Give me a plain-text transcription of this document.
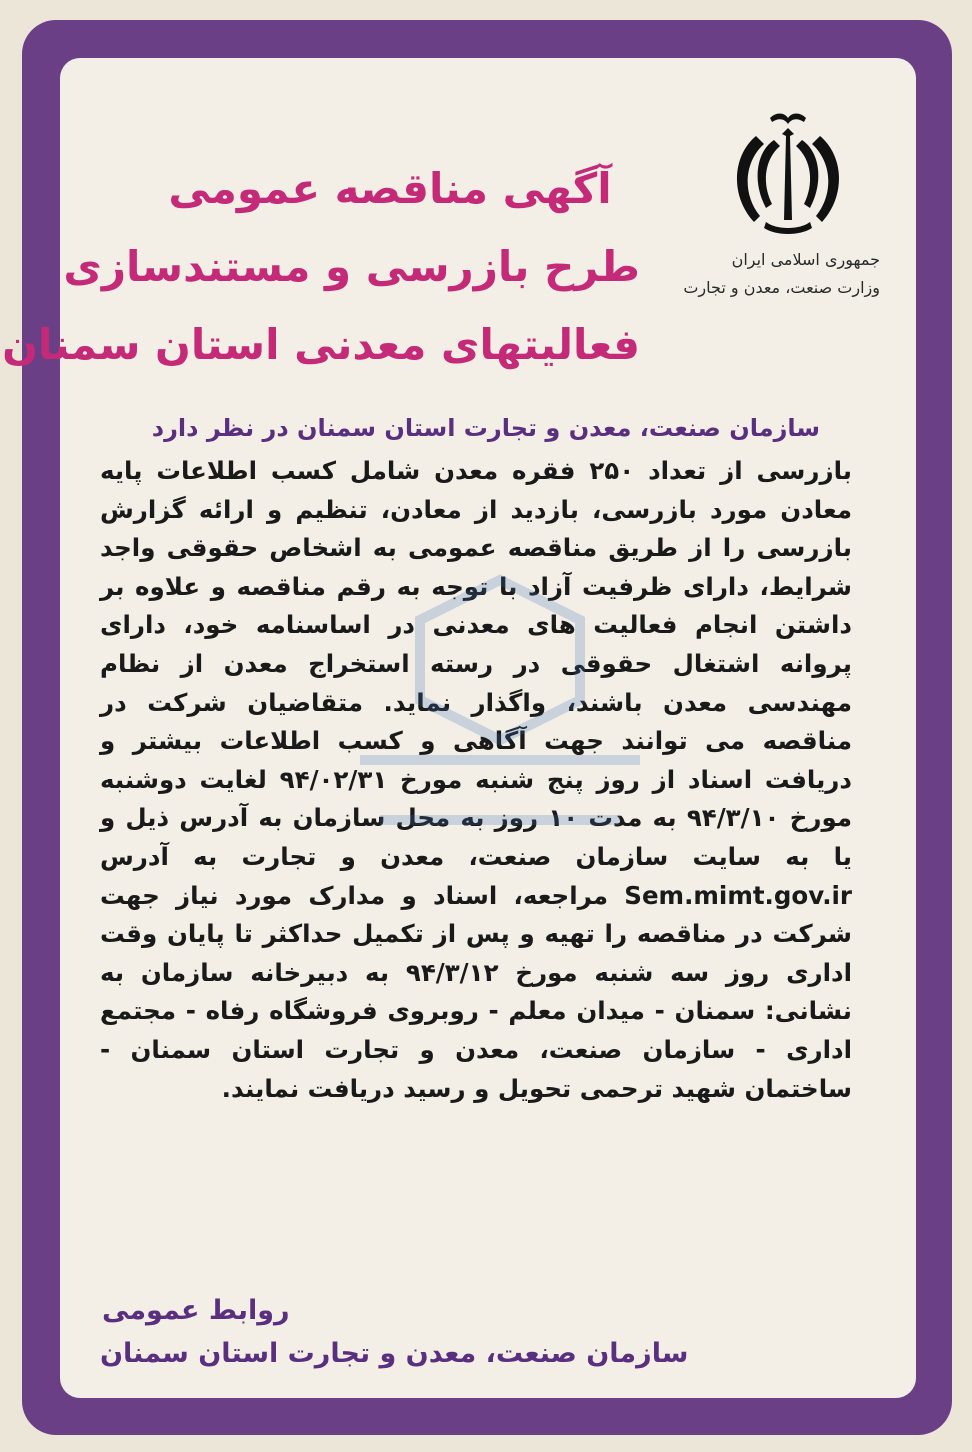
جمهوری اسلامی ایران
وزارت صنعت، معدن و تجارت
آگهی مناقصه عمومی
طرح بازرسی و مستندسازی
فعالیتهای معدنی استان سمنان
سازمان صنعت، معدن و تجارت استان سمنان در نظر دارد
بازرسی از تعداد ۲۵۰ فقره معدن شامل کسب اطلاعات پایه معادن مورد بازرسی، بازدید از معادن، تنظیم و ارائه گزارش بازرسی را از طریق مناقصه عمومی به اشخاص حقوقی واجد شرایط، دارای ظرفیت آزاد با توجه به رقم مناقصه و علاوه بر داشتن انجام فعالیت های معدنی در اساسنامه خود، دارای پروانه اشتغال حقوقی در رسته استخراج معدن از نظام مهندسی معدن باشند، واگذار نماید. متقاضیان شرکت در مناقصه می توانند جهت آگاهی و کسب اطلاعات بیشتر و دریافت اسناد از روز پنج شنبه مورخ ۹۴/۰۲/۳۱ لغایت دوشنبه مورخ ۹۴/۳/۱۰ به مدت ۱۰ روز به محل سازمان به آدرس ذیل و یا به سایت سازمان صنعت، معدن و تجارت به آدرس Sem.mimt.gov.ir مراجعه، اسناد و مدارک مورد نیاز جهت شرکت در مناقصه را تهیه و پس از تکمیل حداکثر تا پایان وقت اداری روز سه شنبه مورخ ۹۴/۳/۱۲ به دبیرخانه سازمان به نشانی: سمنان - میدان معلم - روبروی فروشگاه رفاه - مجتمع اداری - سازمان صنعت، معدن و تجارت استان سمنان - ساختمان شهید ترحمی تحویل و رسید دریافت نمایند.
روابط عمومی
سازمان صنعت، معدن و تجارت استان سمنان
